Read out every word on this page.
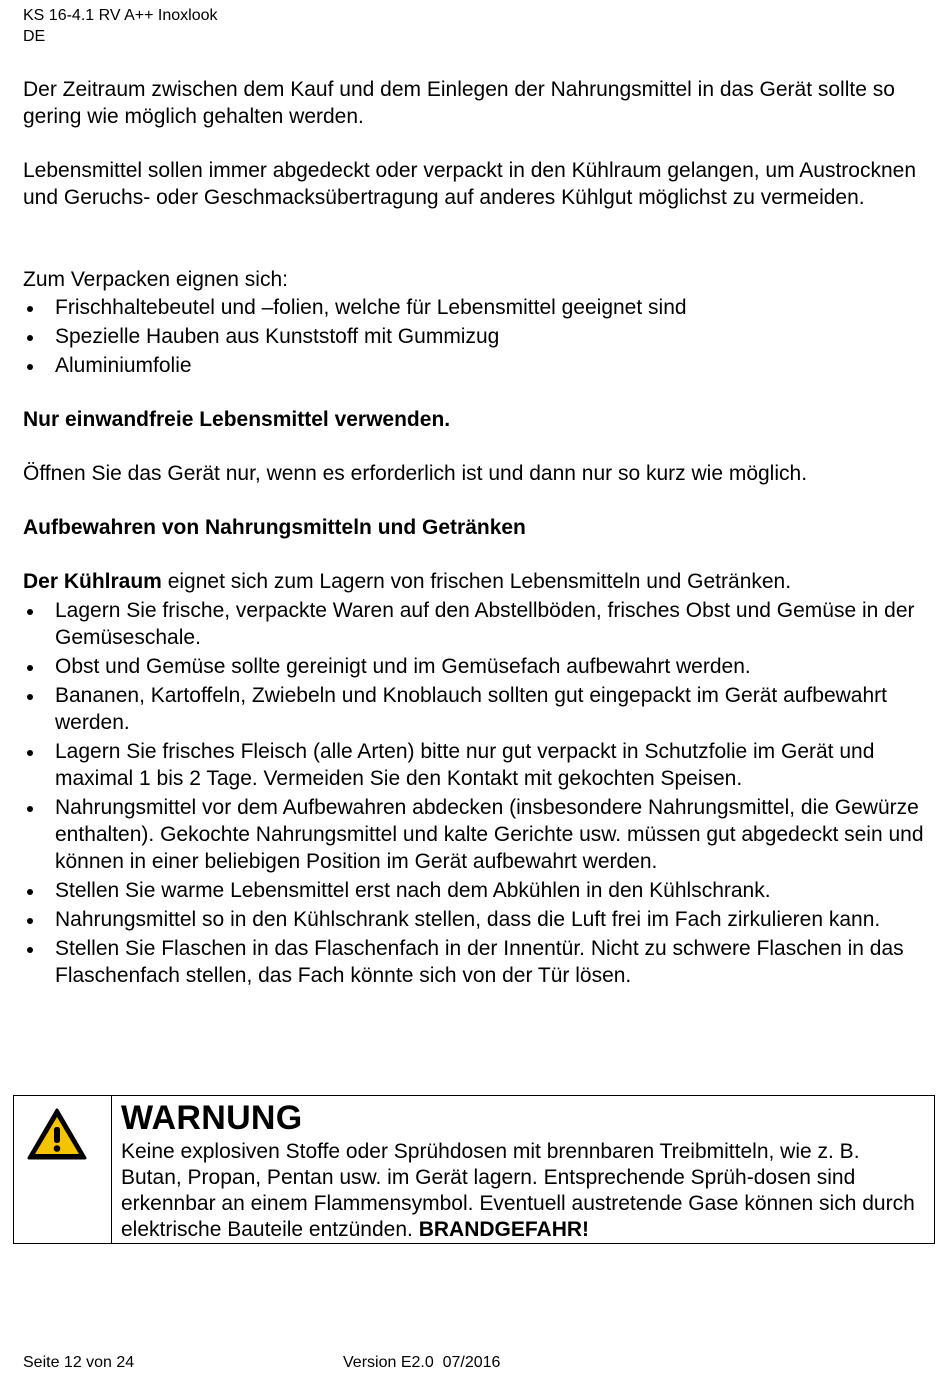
KS 16-4.1 RV A++ Inoxlook
DE
Der Zeitraum zwischen dem Kauf und dem Einlegen der Nahrungsmittel in das Gerät sollte so gering wie möglich gehalten werden.
Lebensmittel sollen immer abgedeckt oder verpackt in den Kühlraum gelangen, um Austrocknen und Geruchs- oder Geschmacksübertragung auf anderes Kühlgut möglichst zu vermeiden.
Zum Verpacken eignen sich:
Frischhaltebeutel und –folien, welche für Lebensmittel geeignet sind
Spezielle Hauben aus Kunststoff mit Gummizug
Aluminiumfolie
Nur einwandfreie Lebensmittel verwenden.
Öffnen Sie das Gerät nur, wenn es erforderlich ist und dann nur so kurz wie möglich.
Aufbewahren von Nahrungsmitteln und Getränken
Der Kühlraum eignet sich zum Lagern von frischen Lebensmitteln und Getränken.
Lagern Sie frische, verpackte Waren auf den Abstellböden, frisches Obst und Gemüse in der Gemüseschale.
Obst und Gemüse sollte gereinigt und im Gemüsefach aufbewahrt werden.
Bananen, Kartoffeln, Zwiebeln und Knoblauch sollten gut eingepackt im Gerät aufbewahrt werden.
Lagern Sie frisches Fleisch (alle Arten) bitte nur gut verpackt in Schutzfolie im Gerät und maximal 1 bis 2 Tage. Vermeiden Sie den Kontakt mit gekochten Speisen.
Nahrungsmittel vor dem Aufbewahren abdecken (insbesondere Nahrungsmittel, die Gewürze enthalten). Gekochte Nahrungsmittel und kalte Gerichte usw. müssen gut abgedeckt sein und können in einer beliebigen Position im Gerät aufbewahrt werden.
Stellen Sie warme Lebensmittel erst nach dem Abkühlen in den Kühlschrank.
Nahrungsmittel so in den Kühlschrank stellen, dass die Luft frei im Fach zirkulieren kann.
Stellen Sie Flaschen in das Flaschenfach in der Innentür. Nicht zu schwere Flaschen in das Flaschenfach stellen, das Fach könnte sich von der Tür lösen.
WARNUNG
Keine explosiven Stoffe oder Sprühdosen mit brennbaren Treibmitteln, wie z. B. Butan, Propan, Pentan usw. im Gerät lagern. Entsprechende Sprüh-dosen sind erkennbar an einem Flammensymbol. Eventuell austretende Gase können sich durch elektrische Bauteile entzünden. BRANDGEFAHR!
Seite 12 von 24	Version E2.0  07/2016
